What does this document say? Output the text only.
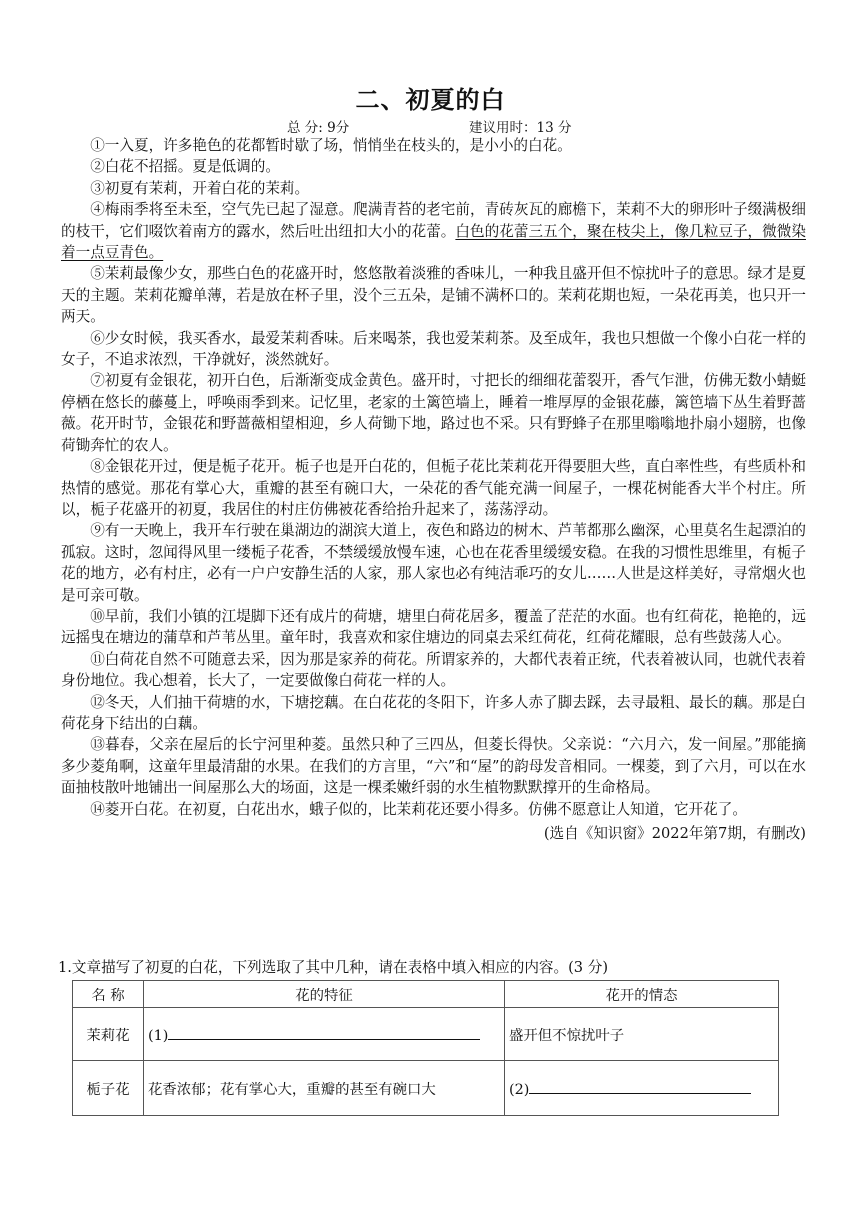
二、初夏的白
总 分: 9分	建议用时：13 分

①一入夏，许多艳色的花都暂时歇了场，悄悄坐在枝头的，是小小的白花。

②白花不招摇。夏是低调的。

③初夏有茉莉，开着白花的茉莉。

④梅雨季将至未至，空气先已起了湿意。爬满青苔的老宅前，青砖灰瓦的廊檐下，茉莉不大的卵形叶子缀满极细的枝干，它们啜饮着南方的露水，然后吐出纽扣大小的花蕾。白色的花蕾三五个，聚在枝尖上，像几粒豆子，微微染着一点豆青色。

⑤茉莉最像少女，那些白色的花盛开时，悠悠散着淡雅的香味儿，一种我且盛开但不惊扰叶子的意思。绿才是夏天的主题。茉莉花瓣单薄，若是放在杯子里，没个三五朵，是铺不满杯口的。茉莉花期也短，一朵花再美，也只开一两天。

⑥少女时候，我买香水，最爱茉莉香味。后来喝茶，我也爱茉莉茶。及至成年，我也只想做一个像小白花一样的女子，不追求浓烈，干净就好，淡然就好。

⑦初夏有金银花，初开白色，后渐渐变成金黄色。盛开时，寸把长的细细花蕾裂开，香气乍泄，仿佛无数小蜻蜓停栖在悠长的藤蔓上，呼唤雨季到来。记忆里，老家的土篱笆墙上，睡着一堆厚厚的金银花藤，篱笆墙下丛生着野蔷薇。花开时节，金银花和野蔷薇相望相迎，乡人荷锄下地，路过也不采。只有野蜂子在那里嗡嗡地扑扇小翅膀，也像荷锄奔忙的农人。

⑧金银花开过，便是栀子花开。栀子也是开白花的，但栀子花比茉莉花开得要胆大些，直白率性些，有些质朴和热情的感觉。那花有掌心大，重瓣的甚至有碗口大，一朵花的香气能充满一间屋子，一棵花树能香大半个村庄。所以，栀子花盛开的初夏，我居住的村庄仿佛被花香给抬升起来了，荡荡浮动。

⑨有一天晚上，我开车行驶在巢湖边的湖滨大道上，夜色和路边的树木、芦苇都那么幽深，心里莫名生起漂泊的孤寂。这时，忽闻得风里一缕栀子花香，不禁缓缓放慢车速，心也在花香里缓缓安稳。在我的习惯性思维里，有栀子花的地方，必有村庄，必有一户户安静生活的人家，那人家也必有纯洁乖巧的女儿……人世是这样美好，寻常烟火也是可亲可敬。

⑩早前，我们小镇的江堤脚下还有成片的荷塘，塘里白荷花居多，覆盖了茫茫的水面。也有红荷花，艳艳的，远远摇曳在塘边的蒲草和芦苇丛里。童年时，我喜欢和家住塘边的同桌去采红荷花，红荷花耀眼，总有些鼓荡人心。

⑪白荷花自然不可随意去采，因为那是家养的荷花。所谓家养的，大都代表着正统，代表着被认同，也就代表着身份地位。我心想着，长大了，一定要做像白荷花一样的人。

⑫冬天，人们抽干荷塘的水，下塘挖藕。在白花花的冬阳下，许多人赤了脚去踩，去寻最粗、最长的藕。那是白荷花身下结出的白藕。

⑬暮春，父亲在屋后的长宁河里种菱。虽然只种了三四丛，但菱长得快。父亲说：“六月六，发一间屋。”那能摘多少菱角啊，这童年里最清甜的水果。在我们的方言里，“六”和“屋”的韵母发音相同。一棵菱，到了六月，可以在水面抽枝散叶地铺出一间屋那么大的场面，这是一棵柔嫩纤弱的水生植物默默撑开的生命格局。

⑭菱开白花。在初夏，白花出水，蛾子似的，比茉莉花还要小得多。仿佛不愿意让人知道，它开花了。

(选自《知识窗》2022年第7期，有删改)

1.文章描写了初夏的白花，下列选取了其中几种，请在表格中填入相应的内容。(3 分)
名 称	花的特征	花开的情态
茉莉花	(1)	盛开但不惊扰叶子
栀子花	花香浓郁；花有掌心大，重瓣的甚至有碗口大	(2)
